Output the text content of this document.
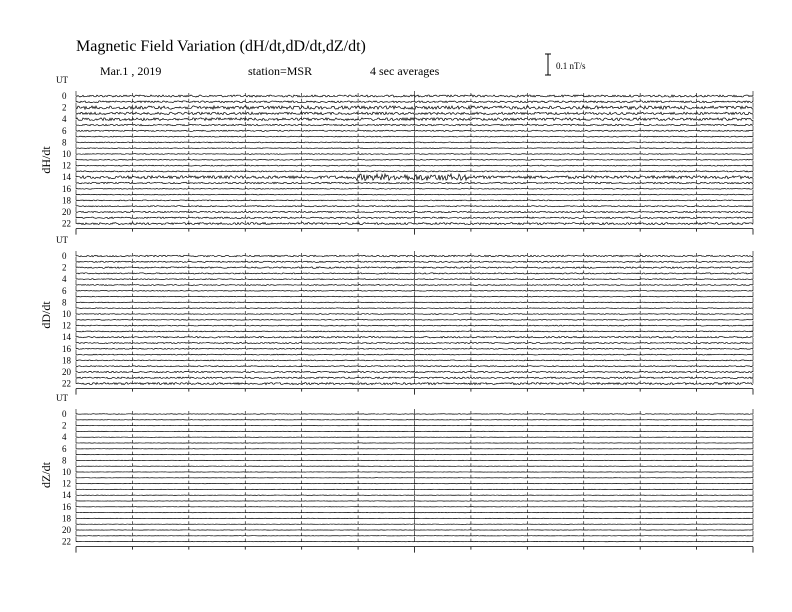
Magnetic Field Variation (dH/dt,dD/dt,dZ/dt)
Mar.1 , 2019	station=MSR	4 sec averages	0.1 nT/s
UT
dH/dt
0
2
4
6
8
10
12
14
16
18
20
22
UT
dD/dt
0
2
4
6
8
10
12
14
16
18
20
22
UT
dZ/dt
0
2
4
6
8
10
12
14
16
18
20
22
